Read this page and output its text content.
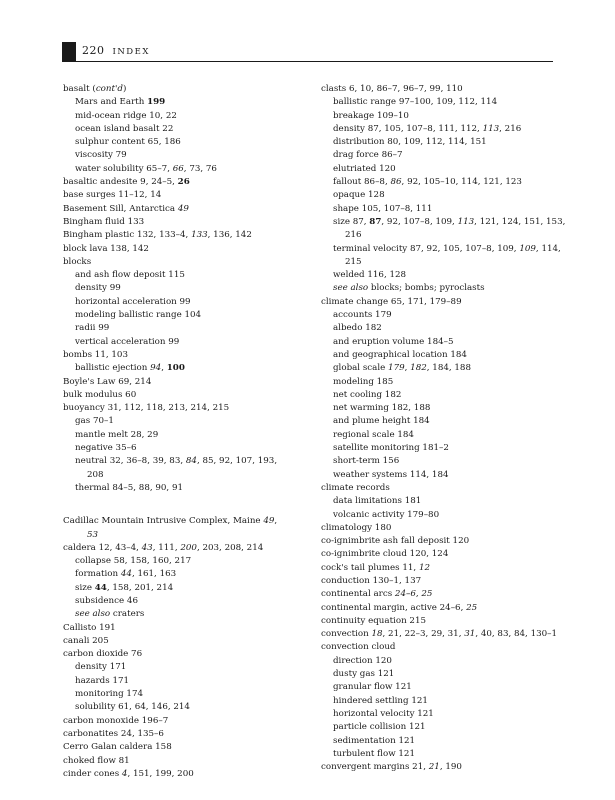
220 INDEX
basalt (cont'd)
Mars and Earth 199
mid-ocean ridge 10, 22
ocean island basalt 22
sulphur content 65, 186
viscosity 79
water solubility 65–7, 66, 73, 76
basaltic andesite 9, 24–5, 26
base surges 11–12, 14
Basement Sill, Antarctica 49
Bingham fluid 133
Bingham plastic 132, 133–4, 133, 136, 142
block lava 138, 142
blocks
and ash flow deposit 115
density 99
horizontal acceleration 99
modeling ballistic range 104
radii 99
vertical acceleration 99
bombs 11, 103
ballistic ejection 94, 100
Boyle's Law 69, 214
bulk modulus 60
buoyancy 31, 112, 118, 213, 214, 215
gas 70–1
mantle melt 28, 29
negative 35–6
neutral 32, 36–8, 39, 83, 84, 85, 92, 107, 193,
208
thermal 84–5, 88, 90, 91
Cadillac Mountain Intrusive Complex, Maine 49,
53
caldera 12, 43–4, 43, 111, 200, 203, 208, 214
collapse 58, 158, 160, 217
formation 44, 161, 163
size 44, 158, 201, 214
subsidence 46
see also craters
Callisto 191
canali 205
carbon dioxide 76
density 171
hazards 171
monitoring 174
solubility 61, 64, 146, 214
carbon monoxide 196–7
carbonatites 24, 135–6
Cerro Galan caldera 158
choked flow 81
cinder cones 4, 151, 199, 200
clasts 6, 10, 86–7, 96–7, 99, 110
ballistic range 97–100, 109, 112, 114
breakage 109–10
density 87, 105, 107–8, 111, 112, 113, 216
distribution 80, 109, 112, 114, 151
drag force 86–7
elutriated 120
fallout 86–8, 86, 92, 105–10, 114, 121, 123
opaque 128
shape 105, 107–8, 111
size 87, 87, 92, 107–8, 109, 113, 121, 124, 151, 153,
216
terminal velocity 87, 92, 105, 107–8, 109, 109, 114,
215
welded 116, 128
see also blocks; bombs; pyroclasts
climate change 65, 171, 179–89
accounts 179
albedo 182
and eruption volume 184–5
and geographical location 184
global scale 179, 182, 184, 188
modeling 185
net cooling 182
net warming 182, 188
and plume height 184
regional scale 184
satellite monitoring 181–2
short-term 156
weather systems 114, 184
climate records
data limitations 181
volcanic activity 179–80
climatology 180
co-ignimbrite ash fall deposit 120
co-ignimbrite cloud 120, 124
cock's tail plumes 11, 12
conduction 130–1, 137
continental arcs 24–6, 25
continental margin, active 24–6, 25
continuity equation 215
convection 18, 21, 22–3, 29, 31, 31, 40, 83, 84, 130–1
convection cloud
direction 120
dusty gas 121
granular flow 121
hindered settling 121
horizontal velocity 121
particle collision 121
sedimentation 121
turbulent flow 121
convergent margins 21, 21, 190
